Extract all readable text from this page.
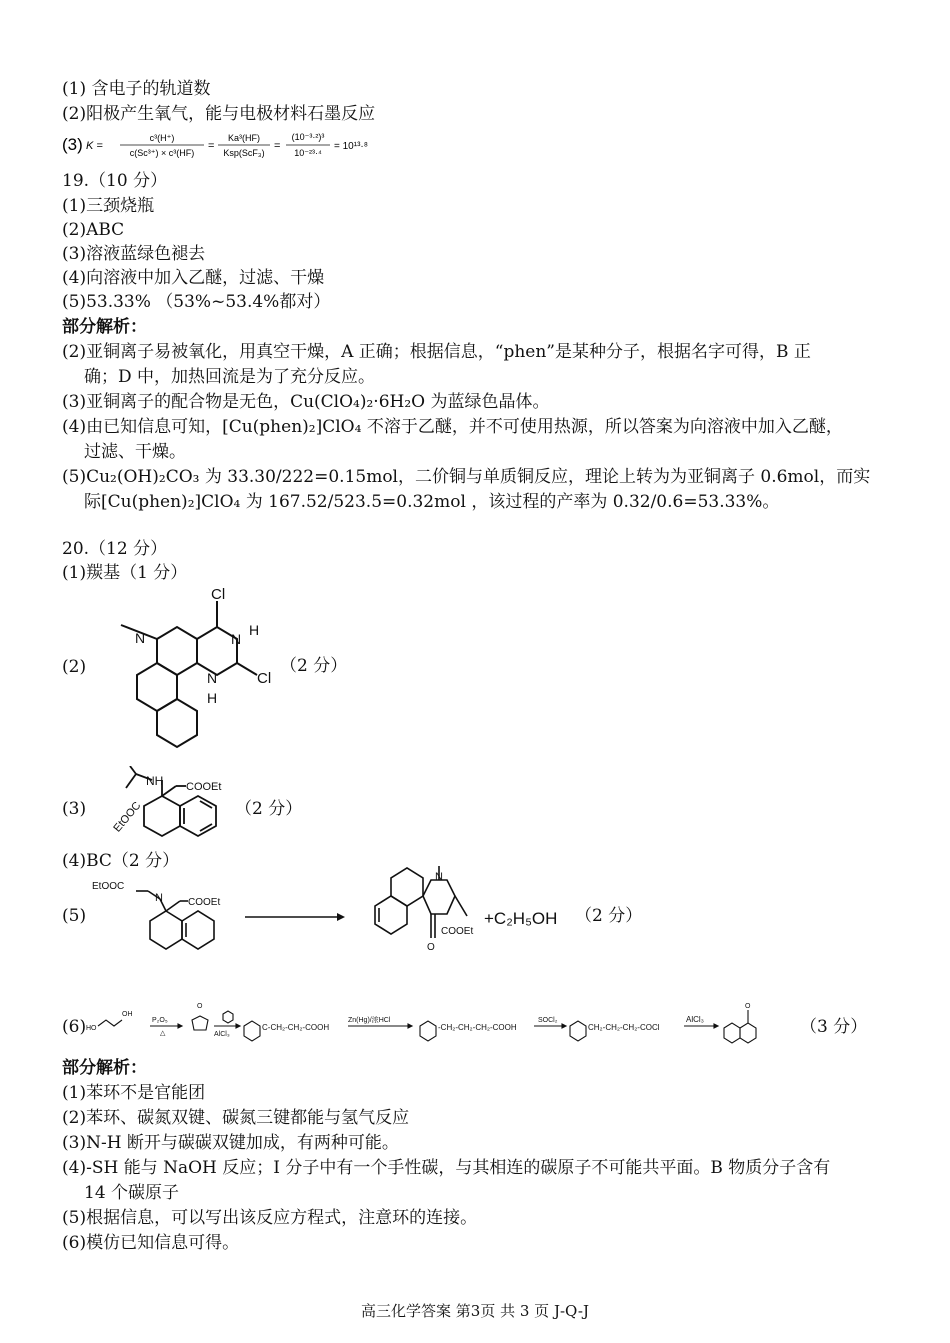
(1) 含电子的轨道数
(2)阳极产生氧气，能与电极材料石墨反应
(3) K =
c³(H⁺)
c(Sc³⁺) × c³(HF)
=
Ka³(HF)
Ksp(ScF₃)
=
(10⁻³·²)³
10⁻²³·⁴
= 10¹³·⁸
19.（10 分）
(1)三颈烧瓶
(2)ABC
(3)溶液蓝绿色褪去
(4)向溶液中加入乙醚，过滤、干燥
(5)53.33% （53%~53.4%都对）
部分解析：
(2)亚铜离子易被氧化，用真空干燥，A 正确；根据信息，“phen”是某种分子，根据名字可得，B 正
确；D 中，加热回流是为了充分反应。
(3)亚铜离子的配合物是无色，Cu(ClO₄)₂·6H₂O 为蓝绿色晶体。
(4)由已知信息可知，[Cu(phen)₂]ClO₄ 不溶于乙醚，并不可使用热源，所以答案为向溶液中加入乙醚，
过滤、干燥。
(5)Cu₂(OH)₂CO₃ 为 33.30/222=0.15mol，二价铜与单质铜反应，理论上转为为亚铜离子 0.6mol，而实
际[Cu(phen)₂]ClO₄ 为 167.52/523.5=0.32mol ，该过程的产率为 0.32/0.6=53.33%。
20.（12 分）
(1)羰基（1 分）
(2)
Cl
N
H
Cl
N
H
N
（2 分）
(3)
NH COOEt
EtOOC	（2 分）
(4)BC（2 分）
(5)
EtOOC
N	COOEt
N
COOEt
O
+C₂H₅OH （2 分）
(6) HO
OH
P₂O₅
△
O
AlCl₃
C-CH₂-CH₂-COOH
Zn(Hg)/浓HCl
-CH₂-CH₂-CH₂-COOH
SOCl₂
CH₂-CH₂-CH₂-COCl
AlCl₃
O
（3 分）
部分解析：
(1)苯环不是官能团
(2)苯环、碳氮双键、碳氮三键都能与氢气反应
(3)N-H 断开与碳碳双键加成，有两种可能。
(4)-SH 能与 NaOH 反应；I 分子中有一个手性碳，与其相连的碳原子不可能共平面。B 物质分子含有
14 个碳原子
(5)根据信息，可以写出该反应方程式，注意环的连接。
(6)模仿已知信息可得。
高三化学答案 第3页 共 3 页 J-Q-J
